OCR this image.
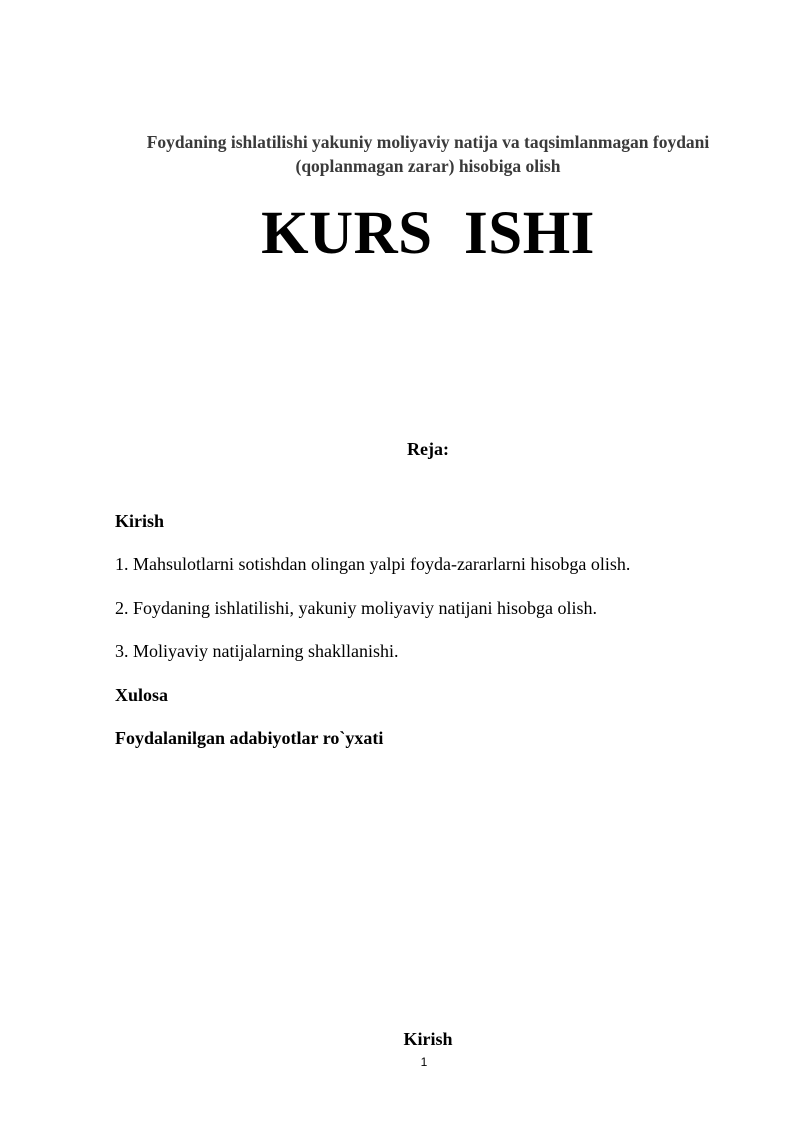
Foydaning ishlatilishi yakuniy moliyaviy natija va taqsimlanmagan foydani (qoplanmagan zarar) hisobiga olish
KURS  ISHI
Reja:
Kirish
1. Mahsulotlarni sotishdan olingan yalpi foyda-zararlarni hisobga olish.
2. Foydaning ishlatilishi, yakuniy moliyaviy natijani hisobga olish.
3. Moliyaviy natijalarning shakllanishi.
Xulosa
Foydalanilgan adabiyotlar ro`yxati
Kirish
1
